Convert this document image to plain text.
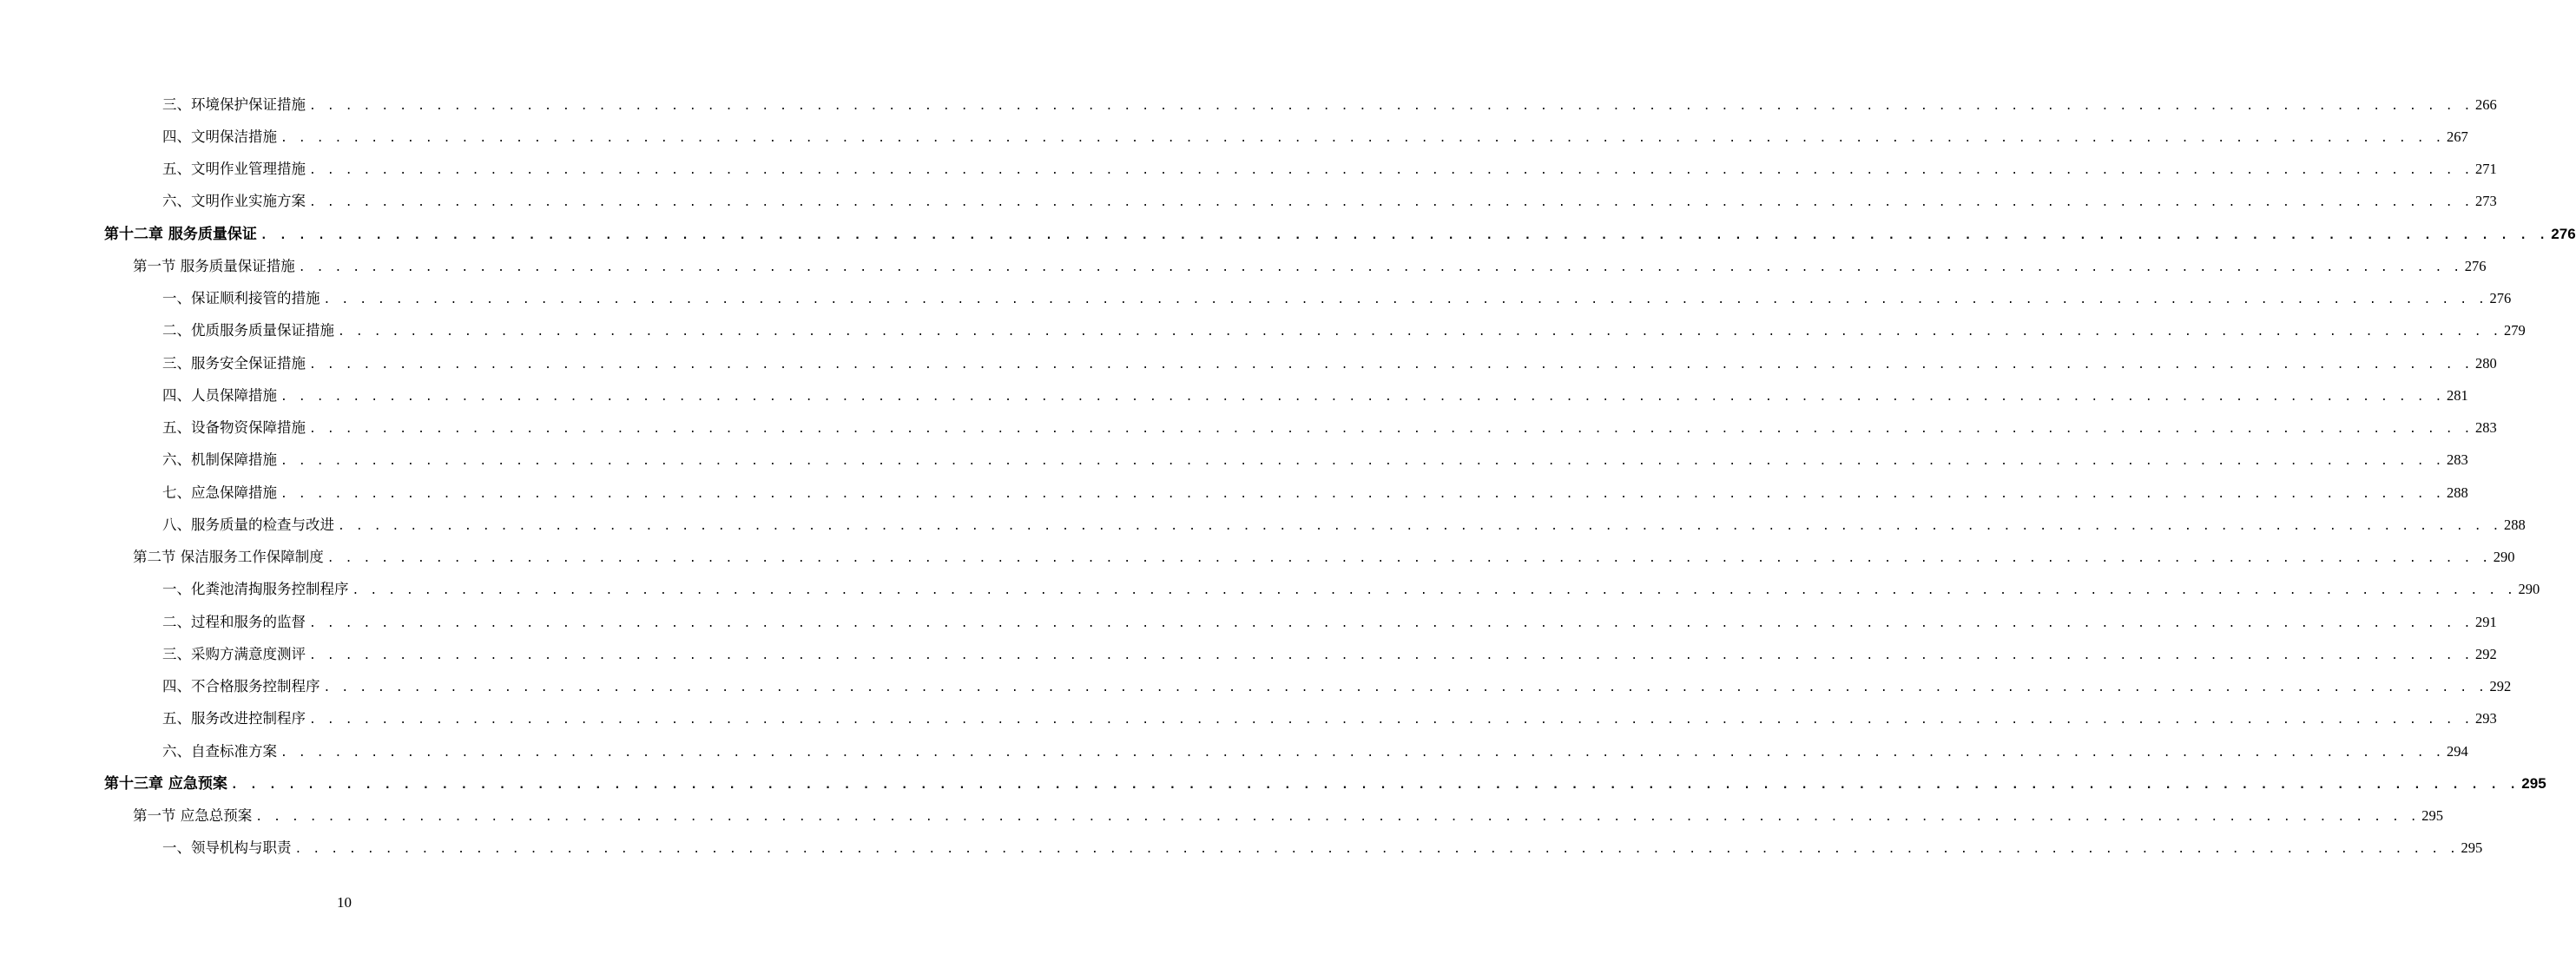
三、环境保护保证措施 . . . . . . . . . . . . . . . . . . . . . . . . . . . . . . . . . . . . . . . . . . . . . . . . . . . . . . . . . . . . . . . . . . . . . . . . . . . . . . . . . . . . . . . . . . . . . . . . . . . . . . . . . . . . . . . . . . . . . . . . 266
四、文明保洁措施 . . . . . . . . . . . . . . . . . . . . . . . . . . . . . . . . . . . . . . . . . . . . . . . . . . . . . . . . . . . . . . . . . . . . . . . . . . . . . . . . . . . . . . . . . . . . . . . . . . . . . . . . . . . . . . . . . . . . . . . . 267
五、文明作业管理措施 . . . . . . . . . . . . . . . . . . . . . . . . . . . . . . . . . . . . . . . . . . . . . . . . . . . . . . . . . . . . . . . . . . . . . . . . . . . . . . . . . . . . . . . . . . . . . . . . . . . . . . . . . . . . . . . . . . . . . . . . 271
六、文明作业实施方案 . . . . . . . . . . . . . . . . . . . . . . . . . . . . . . . . . . . . . . . . . . . . . . . . . . . . . . . . . . . . . . . . . . . . . . . . . . . . . . . . . . . . . . . . . . . . . . . . . . . . . . . . . . . . . . . . . . . . . . . . 273
第十二章 服务质量保证 . . . . . . . . . . . . . . . . . . . . . . . . . . . . . . . . . . . . . . . . . . . . . . . . . . . . . . . . . . . . . . . . . . . . . . . . . . . . . . . . . . . . . . . . . . . . . . . . . . . . . . . . . . . . . . . . . . . . . . . . 276
第一节 服务质量保证措施 . . . . . . . . . . . . . . . . . . . . . . . . . . . . . . . . . . . . . . . . . . . . . . . . . . . . . . . . . . . . . . . . . . . . . . . . . . . . . . . . . . . . . . . . . . . . . . . . . . . . . . . . . . . . . . . . . . . . . . . . 276
一、保证顺利接管的措施 . . . . . . . . . . . . . . . . . . . . . . . . . . . . . . . . . . . . . . . . . . . . . . . . . . . . . . . . . . . . . . . . . . . . . . . . . . . . . . . . . . . . . . . . . . . . . . . . . . . . . . . . . . . . . . . . . . . . . . . . 276
二、优质服务质量保证措施 . . . . . . . . . . . . . . . . . . . . . . . . . . . . . . . . . . . . . . . . . . . . . . . . . . . . . . . . . . . . . . . . . . . . . . . . . . . . . . . . . . . . . . . . . . . . . . . . . . . . . . . . . . . . . . . . . . . . . . . . 279
三、服务安全保证措施 . . . . . . . . . . . . . . . . . . . . . . . . . . . . . . . . . . . . . . . . . . . . . . . . . . . . . . . . . . . . . . . . . . . . . . . . . . . . . . . . . . . . . . . . . . . . . . . . . . . . . . . . . . . . . . . . . . . . . . . . 280
四、人员保障措施 . . . . . . . . . . . . . . . . . . . . . . . . . . . . . . . . . . . . . . . . . . . . . . . . . . . . . . . . . . . . . . . . . . . . . . . . . . . . . . . . . . . . . . . . . . . . . . . . . . . . . . . . . . . . . . . . . . . . . . . . 281
五、设备物资保障措施 . . . . . . . . . . . . . . . . . . . . . . . . . . . . . . . . . . . . . . . . . . . . . . . . . . . . . . . . . . . . . . . . . . . . . . . . . . . . . . . . . . . . . . . . . . . . . . . . . . . . . . . . . . . . . . . . . . . . . . . . 283
六、机制保障措施 . . . . . . . . . . . . . . . . . . . . . . . . . . . . . . . . . . . . . . . . . . . . . . . . . . . . . . . . . . . . . . . . . . . . . . . . . . . . . . . . . . . . . . . . . . . . . . . . . . . . . . . . . . . . . . . . . . . . . . . . 283
七、应急保障措施 . . . . . . . . . . . . . . . . . . . . . . . . . . . . . . . . . . . . . . . . . . . . . . . . . . . . . . . . . . . . . . . . . . . . . . . . . . . . . . . . . . . . . . . . . . . . . . . . . . . . . . . . . . . . . . . . . . . . . . . . 288
八、服务质量的检查与改进 . . . . . . . . . . . . . . . . . . . . . . . . . . . . . . . . . . . . . . . . . . . . . . . . . . . . . . . . . . . . . . . . . . . . . . . . . . . . . . . . . . . . . . . . . . . . . . . . . . . . . . . . . . . . . . . . . . . . . . . . 288
第二节 保洁服务工作保障制度 . . . . . . . . . . . . . . . . . . . . . . . . . . . . . . . . . . . . . . . . . . . . . . . . . . . . . . . . . . . . . . . . . . . . . . . . . . . . . . . . . . . . . . . . . . . . . . . . . . . . . . . . . . . . . . . . . . . . . . . . 290
一、化粪池清掏服务控制程序 . . . . . . . . . . . . . . . . . . . . . . . . . . . . . . . . . . . . . . . . . . . . . . . . . . . . . . . . . . . . . . . . . . . . . . . . . . . . . . . . . . . . . . . . . . . . . . . . . . . . . . . . . . . . . . . . . . . . . . . . 290
二、过程和服务的监督 . . . . . . . . . . . . . . . . . . . . . . . . . . . . . . . . . . . . . . . . . . . . . . . . . . . . . . . . . . . . . . . . . . . . . . . . . . . . . . . . . . . . . . . . . . . . . . . . . . . . . . . . . . . . . . . . . . . . . . . . 291
三、采购方满意度测评 . . . . . . . . . . . . . . . . . . . . . . . . . . . . . . . . . . . . . . . . . . . . . . . . . . . . . . . . . . . . . . . . . . . . . . . . . . . . . . . . . . . . . . . . . . . . . . . . . . . . . . . . . . . . . . . . . . . . . . . . 292
四、不合格服务控制程序 . . . . . . . . . . . . . . . . . . . . . . . . . . . . . . . . . . . . . . . . . . . . . . . . . . . . . . . . . . . . . . . . . . . . . . . . . . . . . . . . . . . . . . . . . . . . . . . . . . . . . . . . . . . . . . . . . . . . . . . . 292
五、服务改进控制程序 . . . . . . . . . . . . . . . . . . . . . . . . . . . . . . . . . . . . . . . . . . . . . . . . . . . . . . . . . . . . . . . . . . . . . . . . . . . . . . . . . . . . . . . . . . . . . . . . . . . . . . . . . . . . . . . . . . . . . . . . 293
六、自查标准方案 . . . . . . . . . . . . . . . . . . . . . . . . . . . . . . . . . . . . . . . . . . . . . . . . . . . . . . . . . . . . . . . . . . . . . . . . . . . . . . . . . . . . . . . . . . . . . . . . . . . . . . . . . . . . . . . . . . . . . . . . 294
第十三章 应急预案 . . . . . . . . . . . . . . . . . . . . . . . . . . . . . . . . . . . . . . . . . . . . . . . . . . . . . . . . . . . . . . . . . . . . . . . . . . . . . . . . . . . . . . . . . . . . . . . . . . . . . . . . . . . . . . . . . . . . . . . . 295
第一节 应急总预案 . . . . . . . . . . . . . . . . . . . . . . . . . . . . . . . . . . . . . . . . . . . . . . . . . . . . . . . . . . . . . . . . . . . . . . . . . . . . . . . . . . . . . . . . . . . . . . . . . . . . . . . . . . . . . . . . . . . . . . . . 295
一、领导机构与职责 . . . . . . . . . . . . . . . . . . . . . . . . . . . . . . . . . . . . . . . . . . . . . . . . . . . . . . . . . . . . . . . . . . . . . . . . . . . . . . . . . . . . . . . . . . . . . . . . . . . . . . . . . . . . . . . . . . . . . . . . 295
10
